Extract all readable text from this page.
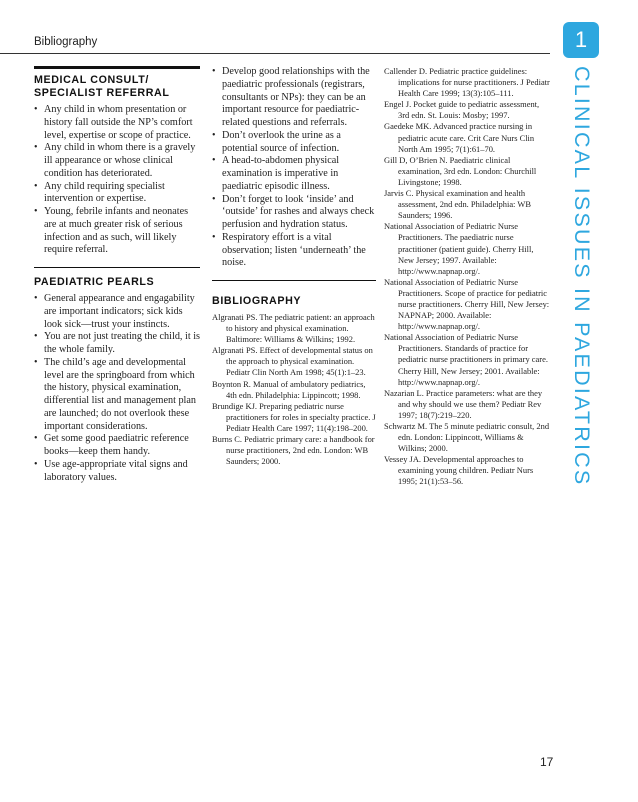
Bibliography	1
CLINICAL ISSUES IN PAEDIATRICS
MEDICAL CONSULT/
SPECIALIST REFERRAL
• Any child in whom presentation or history fall outside the NP’s comfort level, expertise or scope of practice.
• Any child in whom there is a gravely ill appearance or whose clinical condition has deteriorated.
• Any child requiring specialist intervention or expertise.
• Young, febrile infants and neonates are at much greater risk of serious infection and as such, will likely require referral.
PAEDIATRIC PEARLS
• General appearance and engagability are important indicators; sick kids look sick—trust your instincts.
• You are not just treating the child, it is the whole family.
• The child’s age and developmental level are the springboard from which the history, physical examination, differential list and management plan are launched; do not overlook these important considerations.
• Get some good paediatric reference books—keep them handy.
• Use age-appropriate vital signs and laboratory values.
• Develop good relationships with the paediatric professionals (registrars, consultants or NPs): they can be an important resource for paediatric-related questions and referrals.
• Don’t overlook the urine as a potential source of infection.
• A head-to-abdomen physical examination is imperative in paediatric episodic illness.
• Don’t forget to look ‘inside’ and ‘outside’ for rashes and always check perfusion and hydration status.
• Respiratory effort is a vital observation; listen ‘underneath’ the noise.
BIBLIOGRAPHY

Algranati PS. The pediatric patient: an approach to history and physical examination. Baltimore: Williams & Wilkins; 1992.

Algranati PS. Effect of developmental status on the approach to physical examination. Pediatr Clin North Am 1998; 45(1):1–23.

Boynton R. Manual of ambulatory pediatrics, 4th edn. Philadelphia: Lippincott; 1998.

Brundige KJ. Preparing pediatric nurse practitioners for roles in specialty practice. J Pediatr Health Care 1997; 11(4):198–200.

Burns C. Pediatric primary care: a handbook for nurse practitioners, 2nd edn. London: WB Saunders; 2000.

Callender D. Pediatric practice guidelines: implications for nurse practitioners. J Pediatr Health Care 1999; 13(3):105–111.

Engel J. Pocket guide to pediatric assessment, 3rd edn. St. Louis: Mosby; 1997.

Gaedeke MK. Advanced practice nursing in pediatric acute care. Crit Care Nurs Clin North Am 1995; 7(1):61–70.

Gill D, O’Brien N. Paediatric clinical examination, 3rd edn. London: Churchill Livingstone; 1998.

Jarvis C. Physical examination and health assessment, 2nd edn. Philadelphia: WB Saunders; 1996.

National Association of Pediatric Nurse Practitioners. The paediatric nurse practitioner (patient guide). Cherry Hill, New Jersey; 1997. Available: http://www.napnap.org/.

National Association of Pediatric Nurse Practitioners. Scope of practice for pediatric nurse practitioners. Cherry Hill, New Jersey: NAPNAP; 2000. Available: http://www.napnap.org/.

National Association of Pediatric Nurse Practitioners. Standards of practice for pediatric nurse practitioners in primary care. Cherry Hill, New Jersey; 2001. Available: http://www.napnap.org/.

Nazarian L. Practice parameters: what are they and why should we use them? Pediatr Rev 1997; 18(7):219–220.

Schwartz M. The 5 minute pediatric consult, 2nd edn. London: Lippincott, Williams & Wilkins; 2000.

Vessey JA. Developmental approaches to examining young children. Pediatr Nurs 1995; 21(1):53–56.

17
